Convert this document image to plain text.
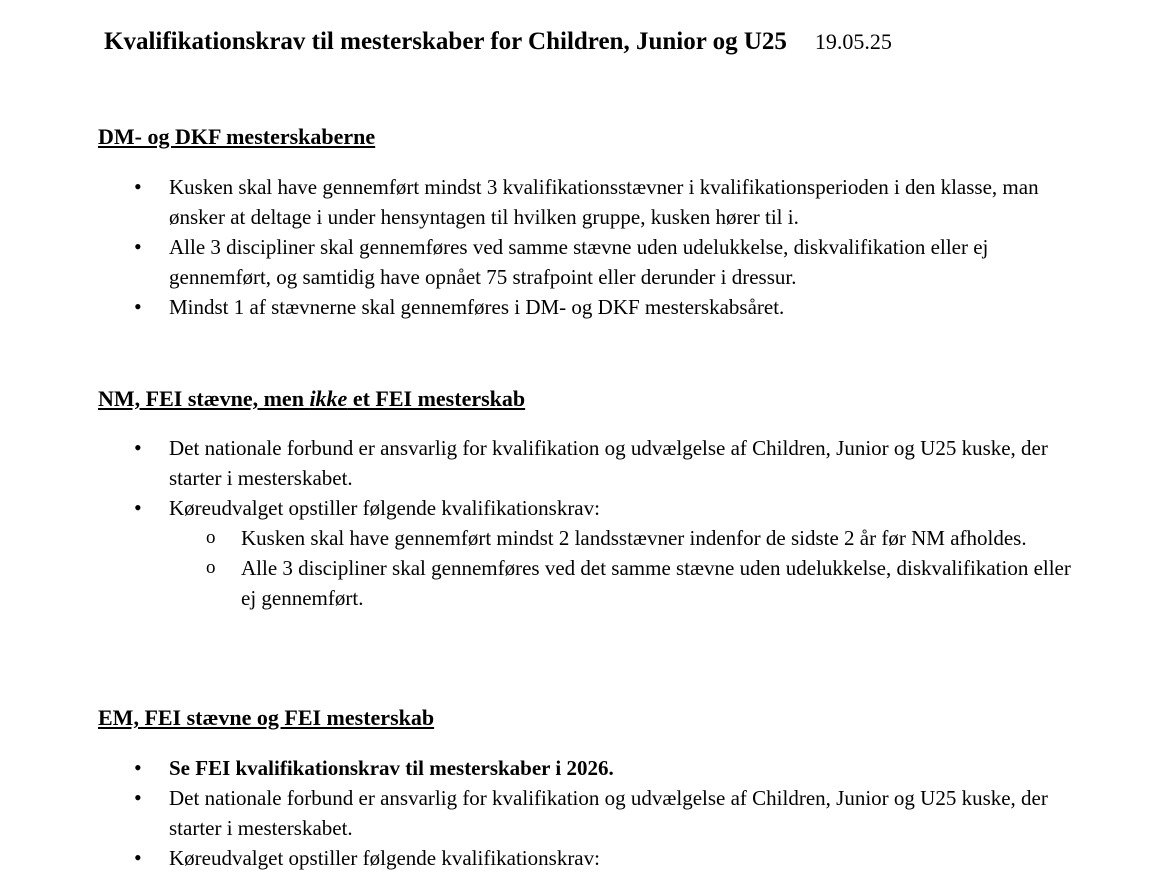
Kvalifikationskrav til mesterskaber for Children, Junior og U25 19.05.25
DM- og DKF mesterskaberne
• Kusken skal have gennemført mindst 3 kvalifikationsstævner i kvalifikationsperioden i den klasse, man ønsker at deltage i under hensyntagen til hvilken gruppe, kusken hører til i.
• Alle 3 discipliner skal gennemføres ved samme stævne uden udelukkelse, diskvalifikation eller ej gennemført, og samtidig have opnået 75 strafpoint eller derunder i dressur.
• Mindst 1 af stævnerne skal gennemføres i DM- og DKF mesterskabsåret.
NM, FEI stævne, men ikke et FEI mesterskab
• Det nationale forbund er ansvarlig for kvalifikation og udvælgelse af Children, Junior og U25 kuske, der starter i mesterskabet.
• Køreudvalget opstiller følgende kvalifikationskrav:
o Kusken skal have gennemført mindst 2 landsstævner indenfor de sidste 2 år før NM afholdes.
o Alle 3 discipliner skal gennemføres ved det samme stævne uden udelukkelse, diskvalifikation eller ej gennemført.
EM, FEI stævne og FEI mesterskab
• Se FEI kvalifikationskrav til mesterskaber i 2026.
• Det nationale forbund er ansvarlig for kvalifikation og udvælgelse af Children, Junior og U25 kuske, der starter i mesterskabet.
• Køreudvalget opstiller følgende kvalifikationskrav:
